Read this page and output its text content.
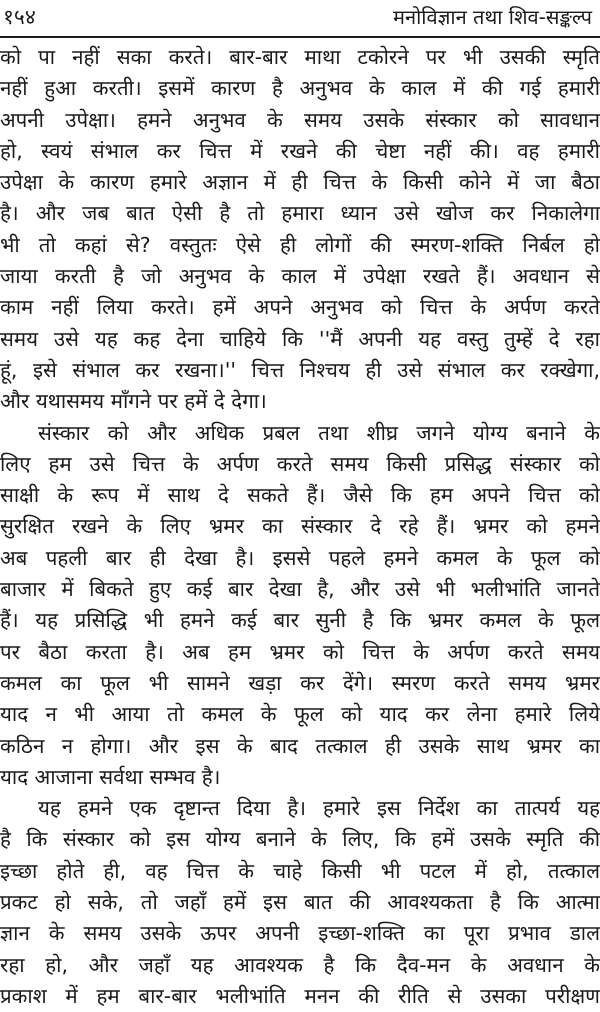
१५४	मनोविज्ञान तथा शिव-सङ्कल्प
को पा नहीं सका करते। बार-बार माथा टकोरने पर भी उसकी स्मृति
नहीं हुआ करती। इसमें कारण है अनुभव के काल में की गई हमारी
अपनी उपेक्षा। हमने अनुभव के समय उसके संस्कार को सावधान
हो, स्वयं संभाल कर चित्त में रखने की चेष्टा नहीं की। वह हमारी
उपेक्षा के कारण हमारे अज्ञान में ही चित्त के किसी कोने में जा बैठा
है। और जब बात ऐसी है तो हमारा ध्यान उसे खोज कर निकालेगा
भी तो कहां से? वस्तुतः ऐसे ही लोगों की स्मरण-शक्ति निर्बल हो
जाया करती है जो अनुभव के काल में उपेक्षा रखते हैं। अवधान से
काम नहीं लिया करते। हमें अपने अनुभव को चित्त के अर्पण करते
समय उसे यह कह देना चाहिये कि ''मैं अपनी यह वस्तु तुम्हें दे रहा
हूं, इसे संभाल कर रखना।'' चित्त निश्चय ही उसे संभाल कर रक्खेगा,
और यथासमय माँगने पर हमें दे देगा।
संस्कार को और अधिक प्रबल तथा शीघ्र जगने योग्य बनाने के
लिए हम उसे चित्त के अर्पण करते समय किसी प्रसिद्ध संस्कार को
साक्षी के रूप में साथ दे सकते हैं। जैसे कि हम अपने चित्त को
सुरक्षित रखने के लिए भ्रमर का संस्कार दे रहे हैं। भ्रमर को हमने
अब पहली बार ही देखा है। इससे पहले हमने कमल के फूल को
बाजार में बिकते हुए कई बार देखा है, और उसे भी भलीभांति जानते
हैं। यह प्रसिद्धि भी हमने कई बार सुनी है कि भ्रमर कमल के फूल
पर बैठा करता है। अब हम भ्रमर को चित्त के अर्पण करते समय
कमल का फूल भी सामने खड़ा कर देंगे। स्मरण करते समय भ्रमर
याद न भी आया तो कमल के फूल को याद कर लेना हमारे लिये
कठिन न होगा। और इस के बाद तत्काल ही उसके साथ भ्रमर का
याद आजाना सर्वथा सम्भव है।
यह हमने एक दृष्टान्त दिया है। हमारे इस निर्देश का तात्पर्य यह
है कि संस्कार को इस योग्य बनाने के लिए, कि हमें उसके स्मृति की
इच्छा होते ही, वह चित्त के चाहे किसी भी पटल में हो, तत्काल
प्रकट हो सके, तो जहाँ हमें इस बात की आवश्यकता है कि आत्मा
ज्ञान के समय उसके ऊपर अपनी इच्छा-शक्ति का पूरा प्रभाव डाल
रहा हो, और जहाँ यह आवश्यक है कि दैव-मन के अवधान के
प्रकाश में हम बार-बार भलीभांति मनन की रीति से उसका परीक्षण
